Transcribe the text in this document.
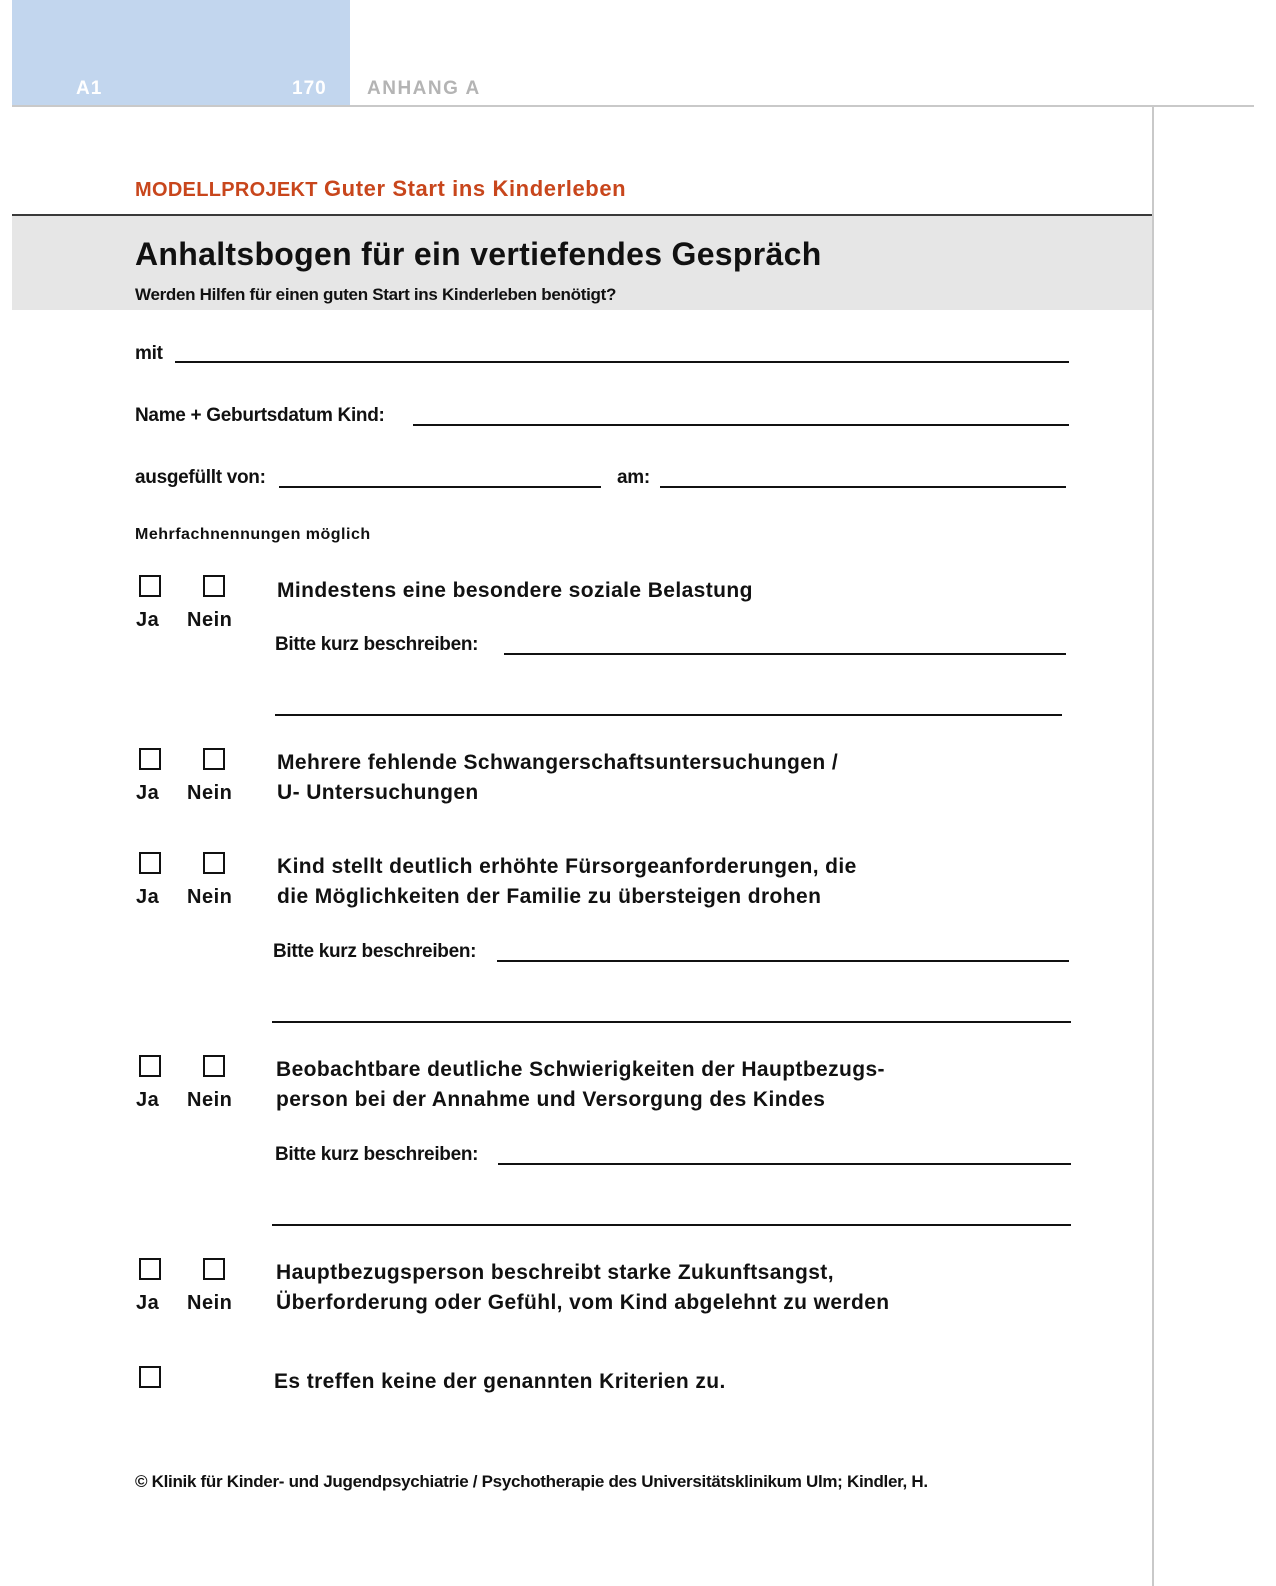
A1	170 ANHANG A
MODELLPROJEKT Guter Start ins Kinderleben
Anhaltsbogen für ein vertiefendes Gespräch
Werden Hilfen für einen guten Start ins Kinderleben benötigt?
mit
Name + Geburtsdatum Kind:
ausgefüllt von:	am:
Mehrfachnennungen möglich
Ja Nein
Mindestens eine besondere soziale Belastung
Bitte kurz beschreiben:
Ja Nein
Mehrere fehlende Schwangerschaftsuntersuchungen /
U- Untersuchungen
Ja Nein
Kind stellt deutlich erhöhte Fürsorgeanforderungen, die
die Möglichkeiten der Familie zu übersteigen drohen
Bitte kurz beschreiben:
Ja Nein
Beobachtbare deutliche Schwierigkeiten der Hauptbezugs-
person bei der Annahme und Versorgung des Kindes
Bitte kurz beschreiben:
Ja Nein
Hauptbezugsperson beschreibt starke Zukunftsangst,
Überforderung oder Gefühl, vom Kind abgelehnt zu werden
Es treffen keine der genannten Kriterien zu.
© Klinik für Kinder- und Jugendpsychiatrie / Psychotherapie des Universitätsklinikum Ulm; Kindler, H.
